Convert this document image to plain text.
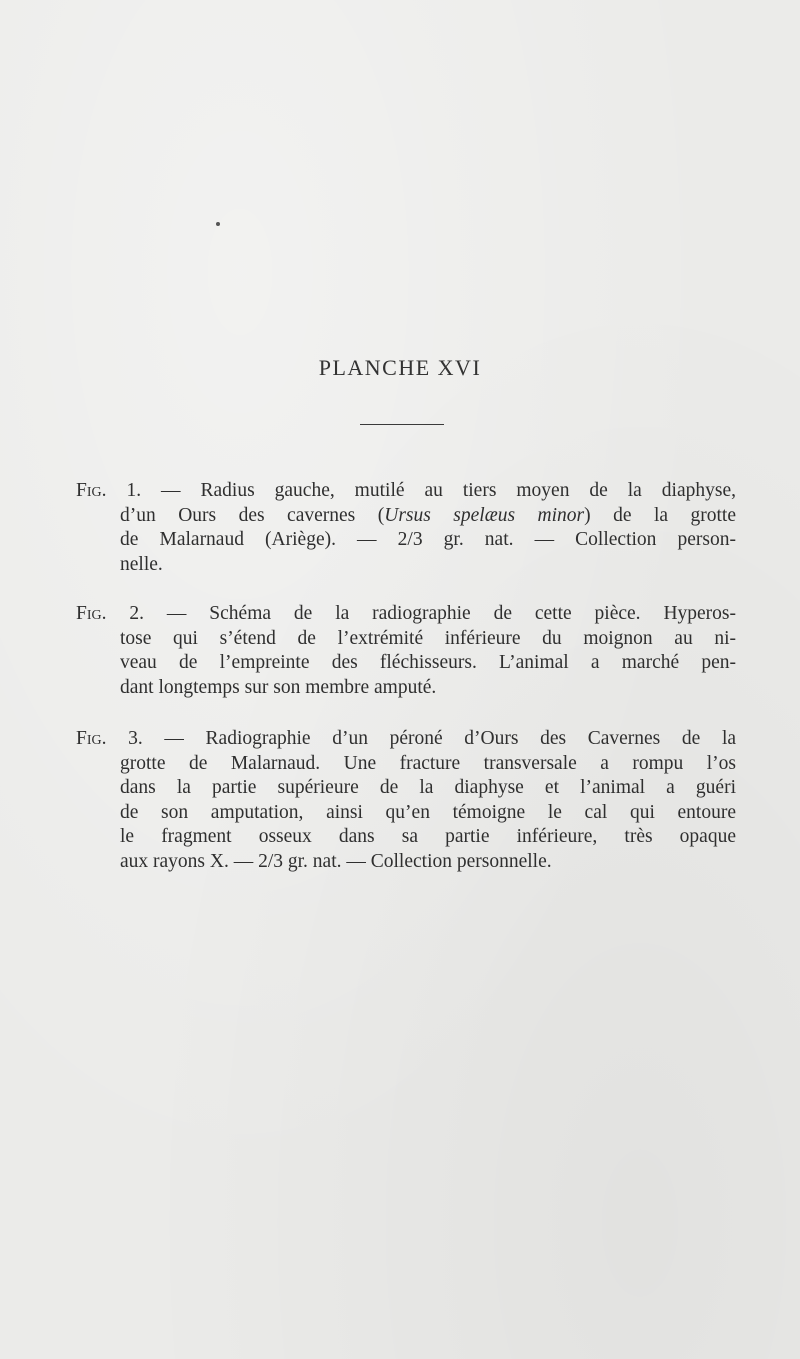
PLANCHE XVI
Fig. 1. — Radius gauche, mutilé au tiers moyen de la diaphyse,
d’un Ours des cavernes (Ursus spelæus minor) de la grotte
de Malarnaud (Ariège). — 2/3 gr. nat. — Collection person-
nelle.
Fig. 2. — Schéma de la radiographie de cette pièce. Hyperos-
tose qui s’étend de l’extrémité inférieure du moignon au ni-
veau de l’empreinte des fléchisseurs. L’animal a marché pen-
dant longtemps sur son membre amputé.
Fig. 3. — Radiographie d’un péroné d’Ours des Cavernes de la
grotte de Malarnaud. Une fracture transversale a rompu l’os
dans la partie supérieure de la diaphyse et l’animal a guéri
de son amputation, ainsi qu’en témoigne le cal qui entoure
le fragment osseux dans sa partie inférieure, très opaque
aux rayons X. — 2/3 gr. nat. — Collection personnelle.
